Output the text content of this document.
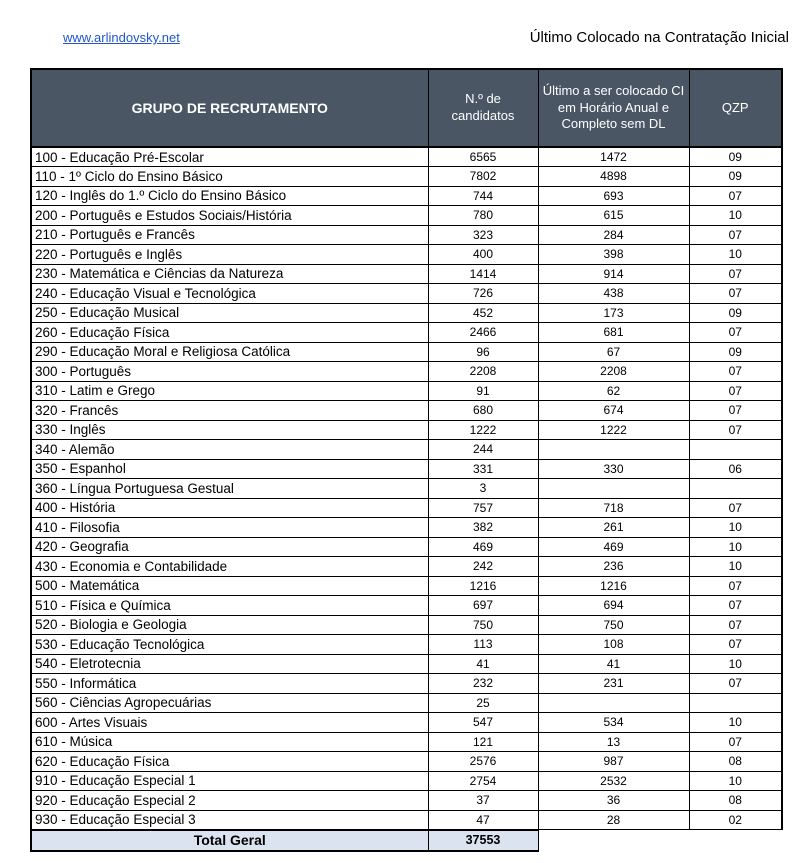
www.arlindovsky.net	Último Colocado na Contratação Inicial
GRUPO DE RECRUTAMENTO	N.º de candidatos	Último a ser colocado CI em Horário Anual e Completo sem DL	QZP
100 - Educação Pré-Escolar	6565	1472	09
110 - 1º Ciclo do Ensino Básico	7802	4898	09
120 - Inglês do 1.º Ciclo do Ensino Básico	744	693	07
200 - Português e Estudos Sociais/História	780	615	10
210 - Português e Francês	323	284	07
220 - Português e Inglês	400	398	10
230 - Matemática e Ciências da Natureza	1414	914	07
240 - Educação Visual e Tecnológica	726	438	07
250 - Educação Musical	452	173	09
260 - Educação Física	2466	681	07
290 - Educação Moral e Religiosa Católica	96	67	09
300 - Português	2208	2208	07
310 - Latim e Grego	91	62	07
320 - Francês	680	674	07
330 - Inglês	1222	1222	07
340 - Alemão	244		
350 - Espanhol	331	330	06
360 - Língua Portuguesa Gestual	3		
400 - História	757	718	07
410 - Filosofia	382	261	10
420 - Geografia	469	469	10
430 - Economia e Contabilidade	242	236	10
500 - Matemática	1216	1216	07
510 - Física e Química	697	694	07
520 - Biologia e Geologia	750	750	07
530 - Educação Tecnológica	113	108	07
540 - Eletrotecnia	41	41	10
550 - Informática	232	231	07
560 - Ciências Agropecuárias	25		
600 - Artes Visuais	547	534	10
610 - Música	121	13	07
620 - Educação Física	2576	987	08
910 - Educação Especial 1	2754	2532	10
920 - Educação Especial 2	37	36	08
930 - Educação Especial 3	47	28	02
Total Geral	37553		
